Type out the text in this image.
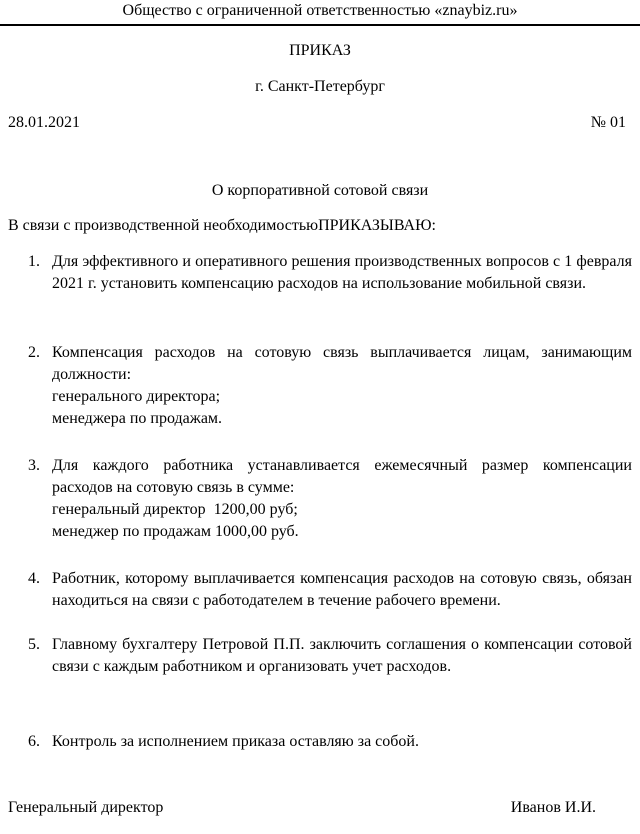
Общество с ограниченной ответственностью «znaybiz.ru»
ПРИКАЗ
г. Санкт-Петербург
28.01.2021	№ 01
О корпоративной сотовой связи
В связи с производственной необходимостьюПРИКАЗЫВАЮ:
1. Для эффективного и оперативного решения производственных вопросов с 1 февраля 2021 г. установить компенсацию расходов на использование мобильной связи.

2. Компенсация расходов на сотовую связь выплачивается лицам, занимающим должности:

генерального директора;

менеджера по продажам.

3. Для каждого работника устанавливается ежемесячный размер компенсации расходов на сотовую связь в сумме:

генеральный директор  1200,00 руб;

менеджер по продажам 1000,00 руб.

4. Работник, которому выплачивается компенсация расходов на сотовую связь, обязан находиться на связи с работодателем в течение рабочего времени.

5. Главному бухгалтеру Петровой П.П. заключить соглашения о компенсации сотовой связи с каждым работником и организовать учет расходов.

6. Контроль за исполнением приказа оставляю за собой.

Генеральный директор	Иванов И.И.
